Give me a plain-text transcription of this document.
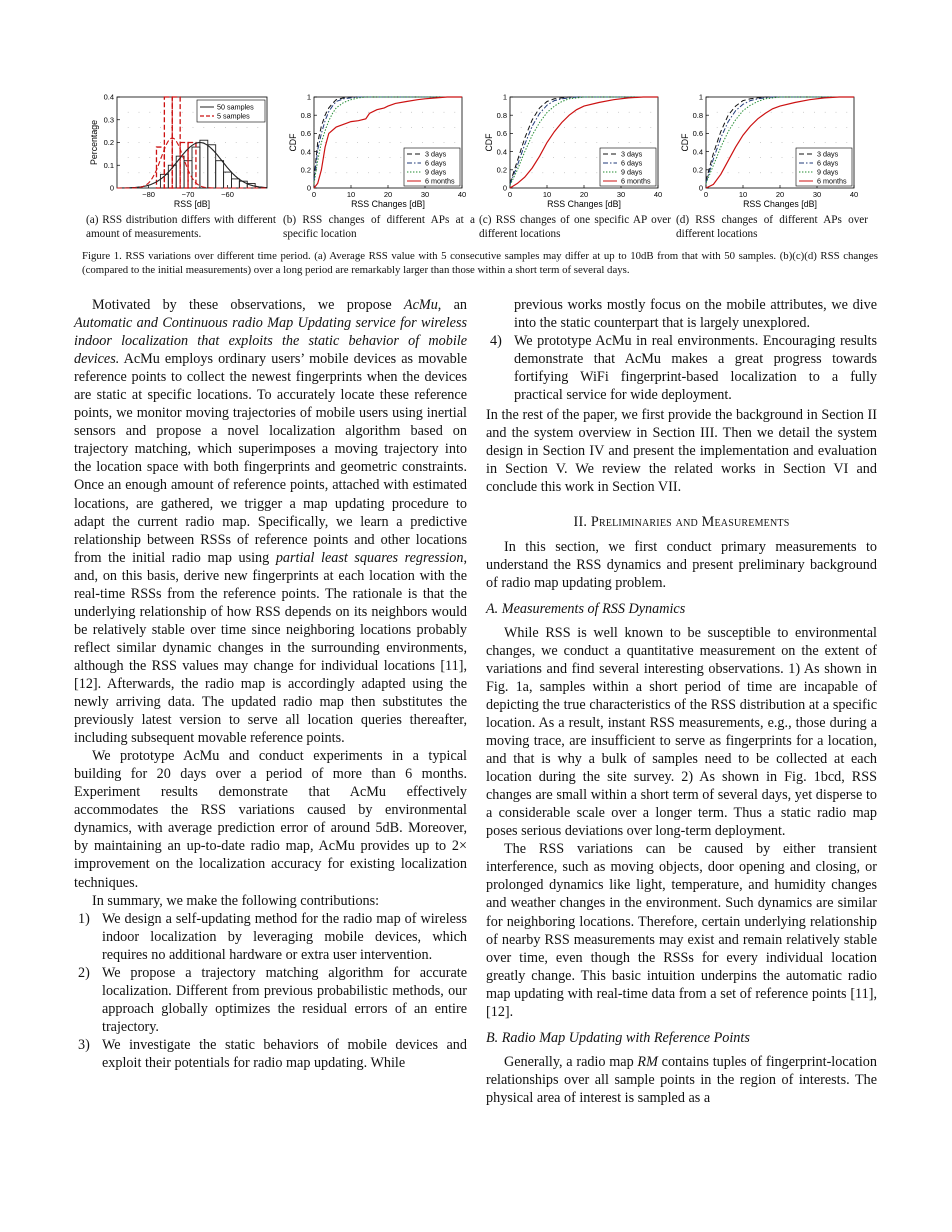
0
0.1
0.2
0.3
0.4
−80	−70	−60
RSS [dB]
Percentage
50 samples
5 samples
0
0.2
0.4
0.6
0.8
1
0	10	20	30	40
RSS Changes [dB]
CDF
3 days
6 days
9 days
6 months
0
0.2
0.4
0.6
0.8
1
0	10	20	30	40
RSS Changes [dB]
CDF
3 days
6 days
9 days
6 months
0
0.2
0.4
0.6
0.8
1
0	10	20	30	40
RSS Changes [dB]
CDF
3 days
6 days
9 days
6 months
(a) RSS distribution differs with different amount of measurements.
(b) RSS changes of different APs at a specific location
(c) RSS changes of one specific AP over different locations
(d) RSS changes of different APs over different locations
Figure 1. RSS variations over different time period. (a) Average RSS value with 5 consecutive samples may differ at up to 10dB from that with 50 samples. (b)(c)(d) RSS changes (compared to the initial measurements) over a long period are remarkably larger than those within a short term of several days.

Motivated by these observations, we propose AcMu, an Automatic and Continuous radio Map Updating service for wireless indoor localization that exploits the static behavior of mobile devices. AcMu employs ordinary users’ mobile devices as movable reference points to collect the newest fingerprints when the devices are static at specific locations. To accurately locate these reference points, we monitor moving trajectories of mobile users using inertial sensors and propose a novel localization algorithm based on trajectory matching, which superimposes a moving trajectory into the location space with both fingerprints and geometric constraints. Once an enough amount of reference points, attached with estimated locations, are gathered, we trigger a map updating procedure to adapt the current radio map. Specifically, we learn a predictive relationship between RSSs of reference points and other locations from the initial radio map using partial least squares regression, and, on this basis, derive new fingerprints at each location with the real-time RSSs from the reference points. The rationale is that the underlying relationship of how RSS depends on its neighbors would be relatively stable over time since neighboring locations probably reflect similar dynamic changes in the surrounding environments, although the RSS values may change for individual locations [11], [12]. Afterwards, the radio map is accordingly adapted using the newly arriving data. The updated radio map then substitutes the previously latest version to serve all location queries thereafter, including subsequent movable reference points.

We prototype AcMu and conduct experiments in a typical building for 20 days over a period of more than 6 months. Experiment results demonstrate that AcMu effectively accommodates the RSS variations caused by environmental dynamics, with average prediction error of around 5dB. Moreover, by maintaining an up-to-date radio map, AcMu provides up to 2× improvement on the localization accuracy for existing localization techniques.

In summary, we make the following contributions:

1) We design a self-updating method for the radio map of wireless indoor localization by leveraging mobile devices, which requires no additional hardware or extra user intervention.
2) We propose a trajectory matching algorithm for accurate localization. Different from previous probabilistic methods, our approach globally optimizes the residual errors of an entire trajectory.
3) We investigate the static behaviors of mobile devices and exploit their potentials for radio map updating. While
previous works mostly focus on the mobile attributes, we dive into the static counterpart that is largely unexplored.
4) We prototype AcMu in real environments. Encouraging results demonstrate that AcMu makes a great progress towards fortifying WiFi fingerprint-based localization to a fully practical service for wide deployment.

In the rest of the paper, we first provide the background in Section II and the system overview in Section III. Then we detail the system design in Section IV and present the implementation and evaluation in Section V. We review the related works in Section VI and conclude this work in Section VII.

II. Preliminaries and Measurements

In this section, we first conduct primary measurements to understand the RSS dynamics and present preliminary background of radio map updating problem.

A. Measurements of RSS Dynamics

While RSS is well known to be susceptible to environmental changes, we conduct a quantitative measurement on the extent of variations and find several interesting observations. 1) As shown in Fig. 1a, samples within a short period of time are incapable of depicting the true characteristics of the RSS distribution at a specific location. As a result, instant RSS measurements, e.g., those during a moving trace, are insufficient to serve as fingerprints for a location, and that is why a bulk of samples need to be collected at each location during the site survey. 2) As shown in Fig. 1bcd, RSS changes are small within a short term of several days, yet disperse to a considerable scale over a longer term. Thus a static radio map poses serious deviations over long-term deployment.

The RSS variations can be caused by either transient interference, such as moving objects, door opening and closing, or prolonged dynamics like light, temperature, and humidity changes and weather changes in the environment. Such dynamics are similar for neighboring locations. Therefore, certain underlying relationship of nearby RSS measurements may exist and remain relatively stable over time, even though the RSSs for every individual location greatly change. This basic intuition underpins the automatic radio map updating with real-time data from a set of reference points [11], [12].

B. Radio Map Updating with Reference Points

Generally, a radio map RM contains tuples of fingerprint-location relationships over all sample points in the region of interests. The physical area of interest is sampled as a
